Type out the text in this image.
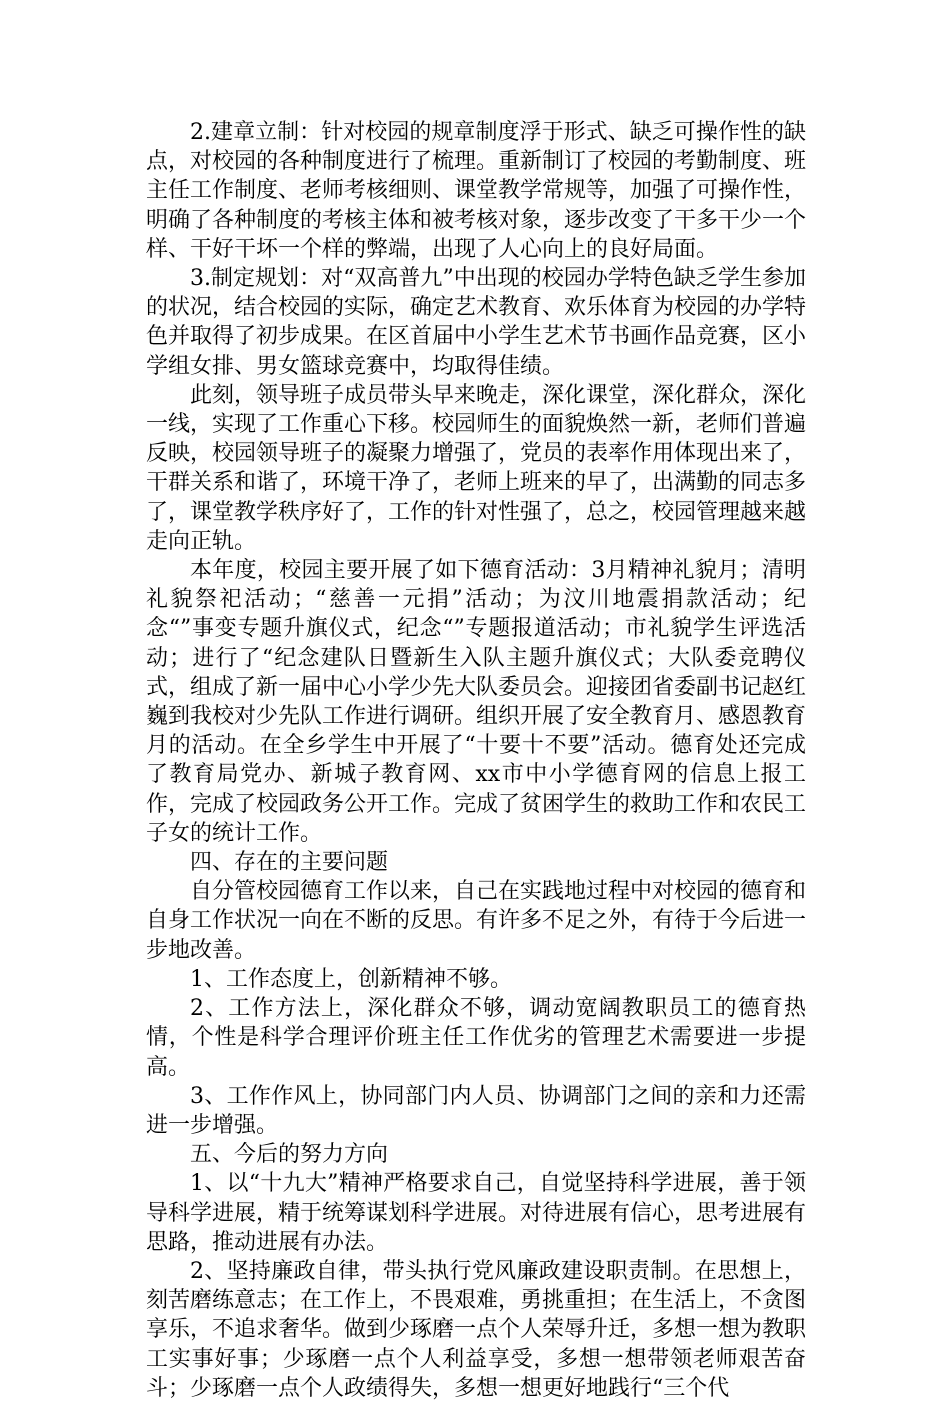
2.建章立制：针对校园的规章制度浮于形式、缺乏可操作性的缺点，对校园的各种制度进行了梳理。重新制订了校园的考勤制度、班主任工作制度、老师考核细则、课堂教学常规等，加强了可操作性，明确了各种制度的考核主体和被考核对象，逐步改变了干多干少一个样、干好干坏一个样的弊端，出现了人心向上的良好局面。

3.制定规划：对“双高普九”中出现的校园办学特色缺乏学生参加的状况，结合校园的实际，确定艺术教育、欢乐体育为校园的办学特色并取得了初步成果。在区首届中小学生艺术节书画作品竞赛，区小学组女排、男女篮球竞赛中，均取得佳绩。

此刻，领导班子成员带头早来晚走，深化课堂，深化群众，深化一线，实现了工作重心下移。校园师生的面貌焕然一新，老师们普遍反映，校园领导班子的凝聚力增强了，党员的表率作用体现出来了，干群关系和谐了，环境干净了，老师上班来的早了，出满勤的同志多了，课堂教学秩序好了，工作的针对性强了，总之，校园管理越来越走向正轨。

本年度，校园主要开展了如下德育活动：3月精神礼貌月；清明礼貌祭祀活动；“慈善一元捐”活动；为汶川地震捐款活动；纪念“”事变专题升旗仪式，纪念“”专题报道活动；市礼貌学生评选活动；进行了“纪念建队日暨新生入队主题升旗仪式；大队委竞聘仪式，组成了新一届中心小学少先大队委员会。迎接团省委副书记赵红巍到我校对少先队工作进行调研。组织开展了安全教育月、感恩教育月的活动。在全乡学生中开展了“十要十不要”活动。德育处还完成了教育局党办、新城子教育网、xx市中小学德育网的信息上报工作，完成了校园政务公开工作。完成了贫困学生的救助工作和农民工子女的统计工作。

四、存在的主要问题

自分管校园德育工作以来，自己在实践地过程中对校园的德育和自身工作状况一向在不断的反思。有许多不足之外，有待于今后进一步地改善。

1、工作态度上，创新精神不够。

2、工作方法上，深化群众不够，调动宽阔教职员工的德育热情，个性是科学合理评价班主任工作优劣的管理艺术需要进一步提高。

3、工作作风上，协同部门内人员、协调部门之间的亲和力还需进一步增强。

五、今后的努力方向

1、以“十九大”精神严格要求自己，自觉坚持科学进展，善于领导科学进展，精于统筹谋划科学进展。对待进展有信心，思考进展有思路，推动进展有办法。

2、坚持廉政自律，带头执行党风廉政建设职责制。在思想上，刻苦磨练意志；在工作上，不畏艰难，勇挑重担；在生活上，不贪图享乐，不追求奢华。做到少琢磨一点个人荣辱升迁，多想一想为教职工实事好事；少琢磨一点个人利益享受，多想一想带领老师艰苦奋斗；少琢磨一点个人政绩得失，多想一想更好地践行“三个代
